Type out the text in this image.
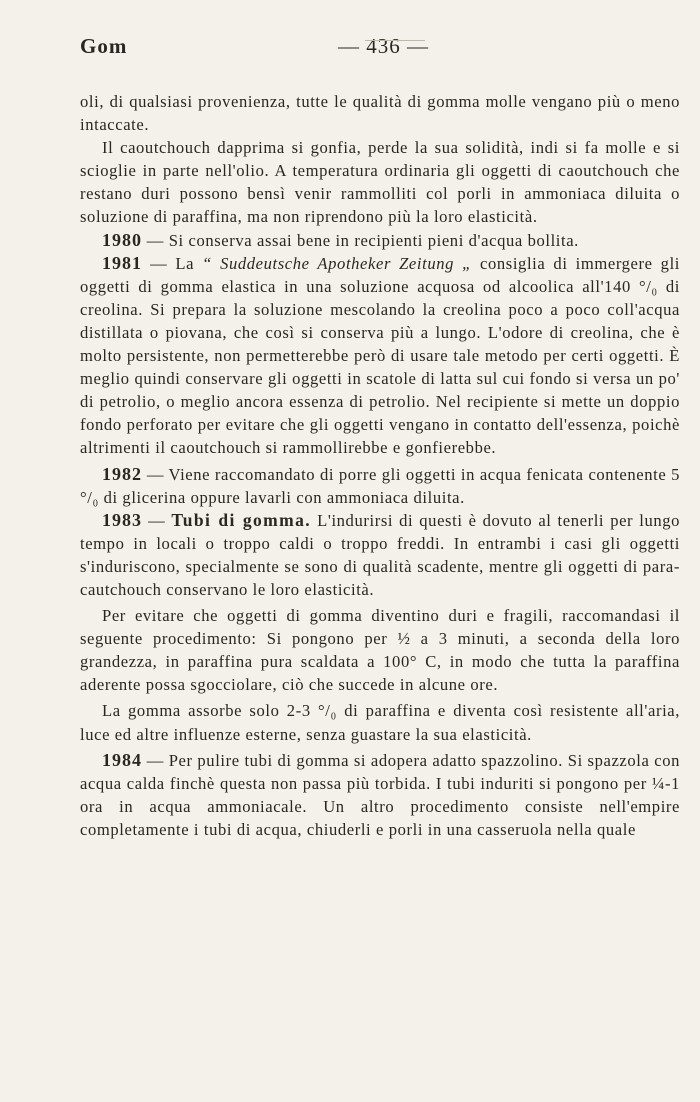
Gom	— 436 —

oli, di qualsiasi provenienza, tutte le qualità di gomma molle vengano più o meno intaccate.

Il caoutchouch dapprima si gonfia, perde la sua solidità, indi si fa molle e si scioglie in parte nell'olio. A temperatura ordinaria gli oggetti di caoutchouch che restano duri possono bensì venir rammolliti col porli in ammoniaca diluita o soluzione di paraffina, ma non riprendono più la loro elasticità.

1980 — Si conserva assai bene in recipienti pieni d'acqua bollita.

1981 — La “ Suddeutsche Apotheker Zeitung „ consiglia di immergere gli oggetti di gomma elastica in una soluzione acquosa od alcoolica all'140 °/₀ di creolina. Si prepara la soluzione mescolando la creolina poco a poco coll'acqua distillata o piovana, che così si conserva più a lungo. L'odore di creolina, che è molto persistente, non permetterebbe però di usare tale metodo per certi oggetti. È meglio quindi conservare gli oggetti in scatole di latta sul cui fondo si versa un po' di petrolio, o meglio ancora essenza di petrolio. Nel recipiente si mette un doppio fondo perforato per evitare che gli oggetti vengano in contatto dell'essenza, poichè altrimenti il caoutchouch si rammollirebbe e gonfierebbe.

1982 — Viene raccomandato di porre gli oggetti in acqua fenicata contenente 5 °/₀ di glicerina oppure lavarli con ammoniaca diluita.

1983 — Tubi di gomma. L'indurirsi di questi è dovuto al tenerli per lungo tempo in locali o troppo caldi o troppo freddi. In entrambi i casi gli oggetti s'induriscono, specialmente se sono di qualità scadente, mentre gli oggetti di para-cautchouch conservano le loro elasticità.

Per evitare che oggetti di gomma diventino duri e fragili, raccomandasi il seguente procedimento: Si pongono per ½ a 3 minuti, a seconda della loro grandezza, in paraffina pura scaldata a 100° C, in modo che tutta la paraffina aderente possa sgocciolare, ciò che succede in alcune ore.

La gomma assorbe solo 2-3 °/₀ di paraffina e diventa così resistente all'aria, luce ed altre influenze esterne, senza guastare la sua elasticità.

1984 — Per pulire tubi di gomma si adopera adatto spazzolino. Si spazzola con acqua calda finchè questa non passa più torbida. I tubi induriti si pongono per ¼-1 ora in acqua ammoniacale. Un altro procedimento consiste nell'empire completamente i tubi di acqua, chiuderli e porli in una casseruola nella quale
